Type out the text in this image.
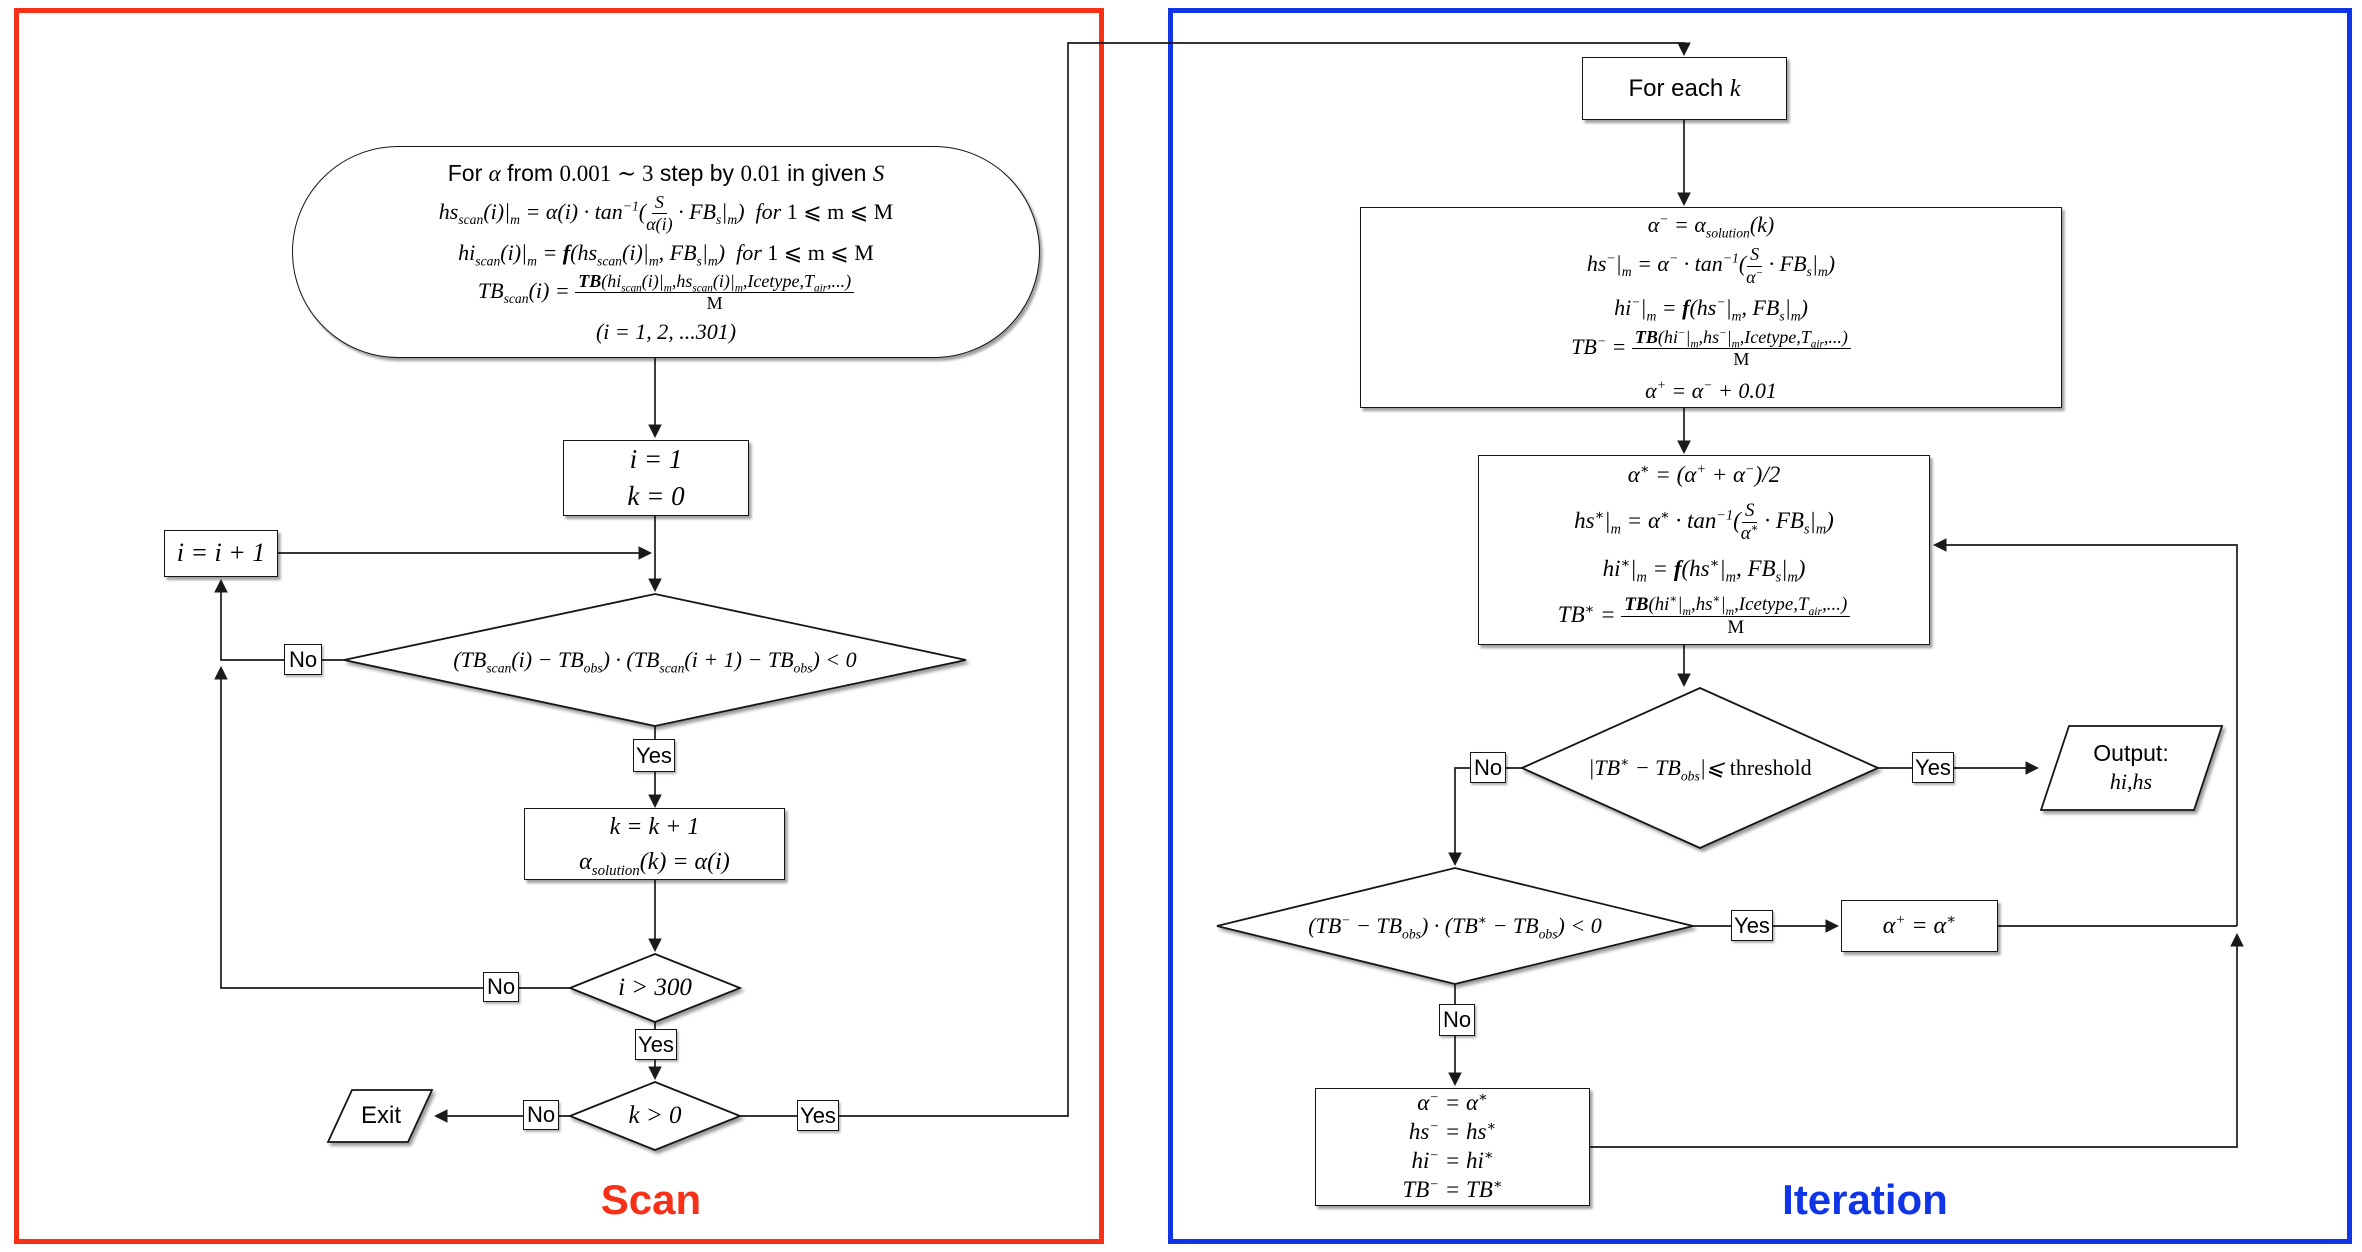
For α from 0.001 ∼ 3 step by 0.01 in given S
$hs_{scan}(i)|_m = \alpha(i) \cdot \tan^{-1}( \frac{S}{\alpha(i)} \cdot FB_s|_m)$  for 1 ⩽ m ⩽ M
$hi_{scan}(i)|_m = f(hs_{scan}(i)|_m$, $FB_s|_m$)  for 1 ⩽ m ⩽ M
$TB_{scan}(i) = \frac{TB(hi_{scan}(i)|_m,hs_{scan}(i)|_m,Icetype,T_{air},...)}{M}$
(i = 1, 2, ...301)
i = 1
k = 0
i = i + 1
$(TB_{scan}(i) - TB_{obs}) \cdot (TB_{scan}(i + 1) - TB_{obs}) < 0$
k = k + 1
$\alpha_{solution}(k) = \alpha(i)$
i > 300
k > 0
Exit
Scan
For each k
$\alpha^- = \alpha_{solution}(k)$
$hs^-|_m = \alpha^- \cdot \tan^{-1}( \frac{S}{\alpha^-} \cdot FB_s|_m)$
$hi^-|_m = f(hs^-|_m$, $FB_s|_m$)
$TB^- = \frac{TB(hi^-|_m,hs^-|_m,Icetype,T_{air},...)}{M}$
α+ = α− + 0.01
α∗ = (α+ + α−)/2
$hs^∗|_m = \alpha^∗ \cdot \tan^{-1}( \frac{S}{\alpha^∗} \cdot FB_s|_m)$
$hi^∗|_m = f(hs^∗|_m$, $FB_s|_m$)
$TB^∗ = \frac{TB(hi^∗|_m,hs^∗|_m,Icetype,T_{air},...)}{M}$
$|TB^∗ - TB_{obs}|⩽$ threshold
Output:
hi,hs
$(TB^- - TB_{obs}) \cdot (TB^∗ - TB_{obs}) < 0$	α+ = α∗
α− = α∗
hs− = hs∗
hi− = hi∗
TB− = TB∗	Iteration
No
Yes
No
Yes
No	Yes
No	Yes
Yes
No
